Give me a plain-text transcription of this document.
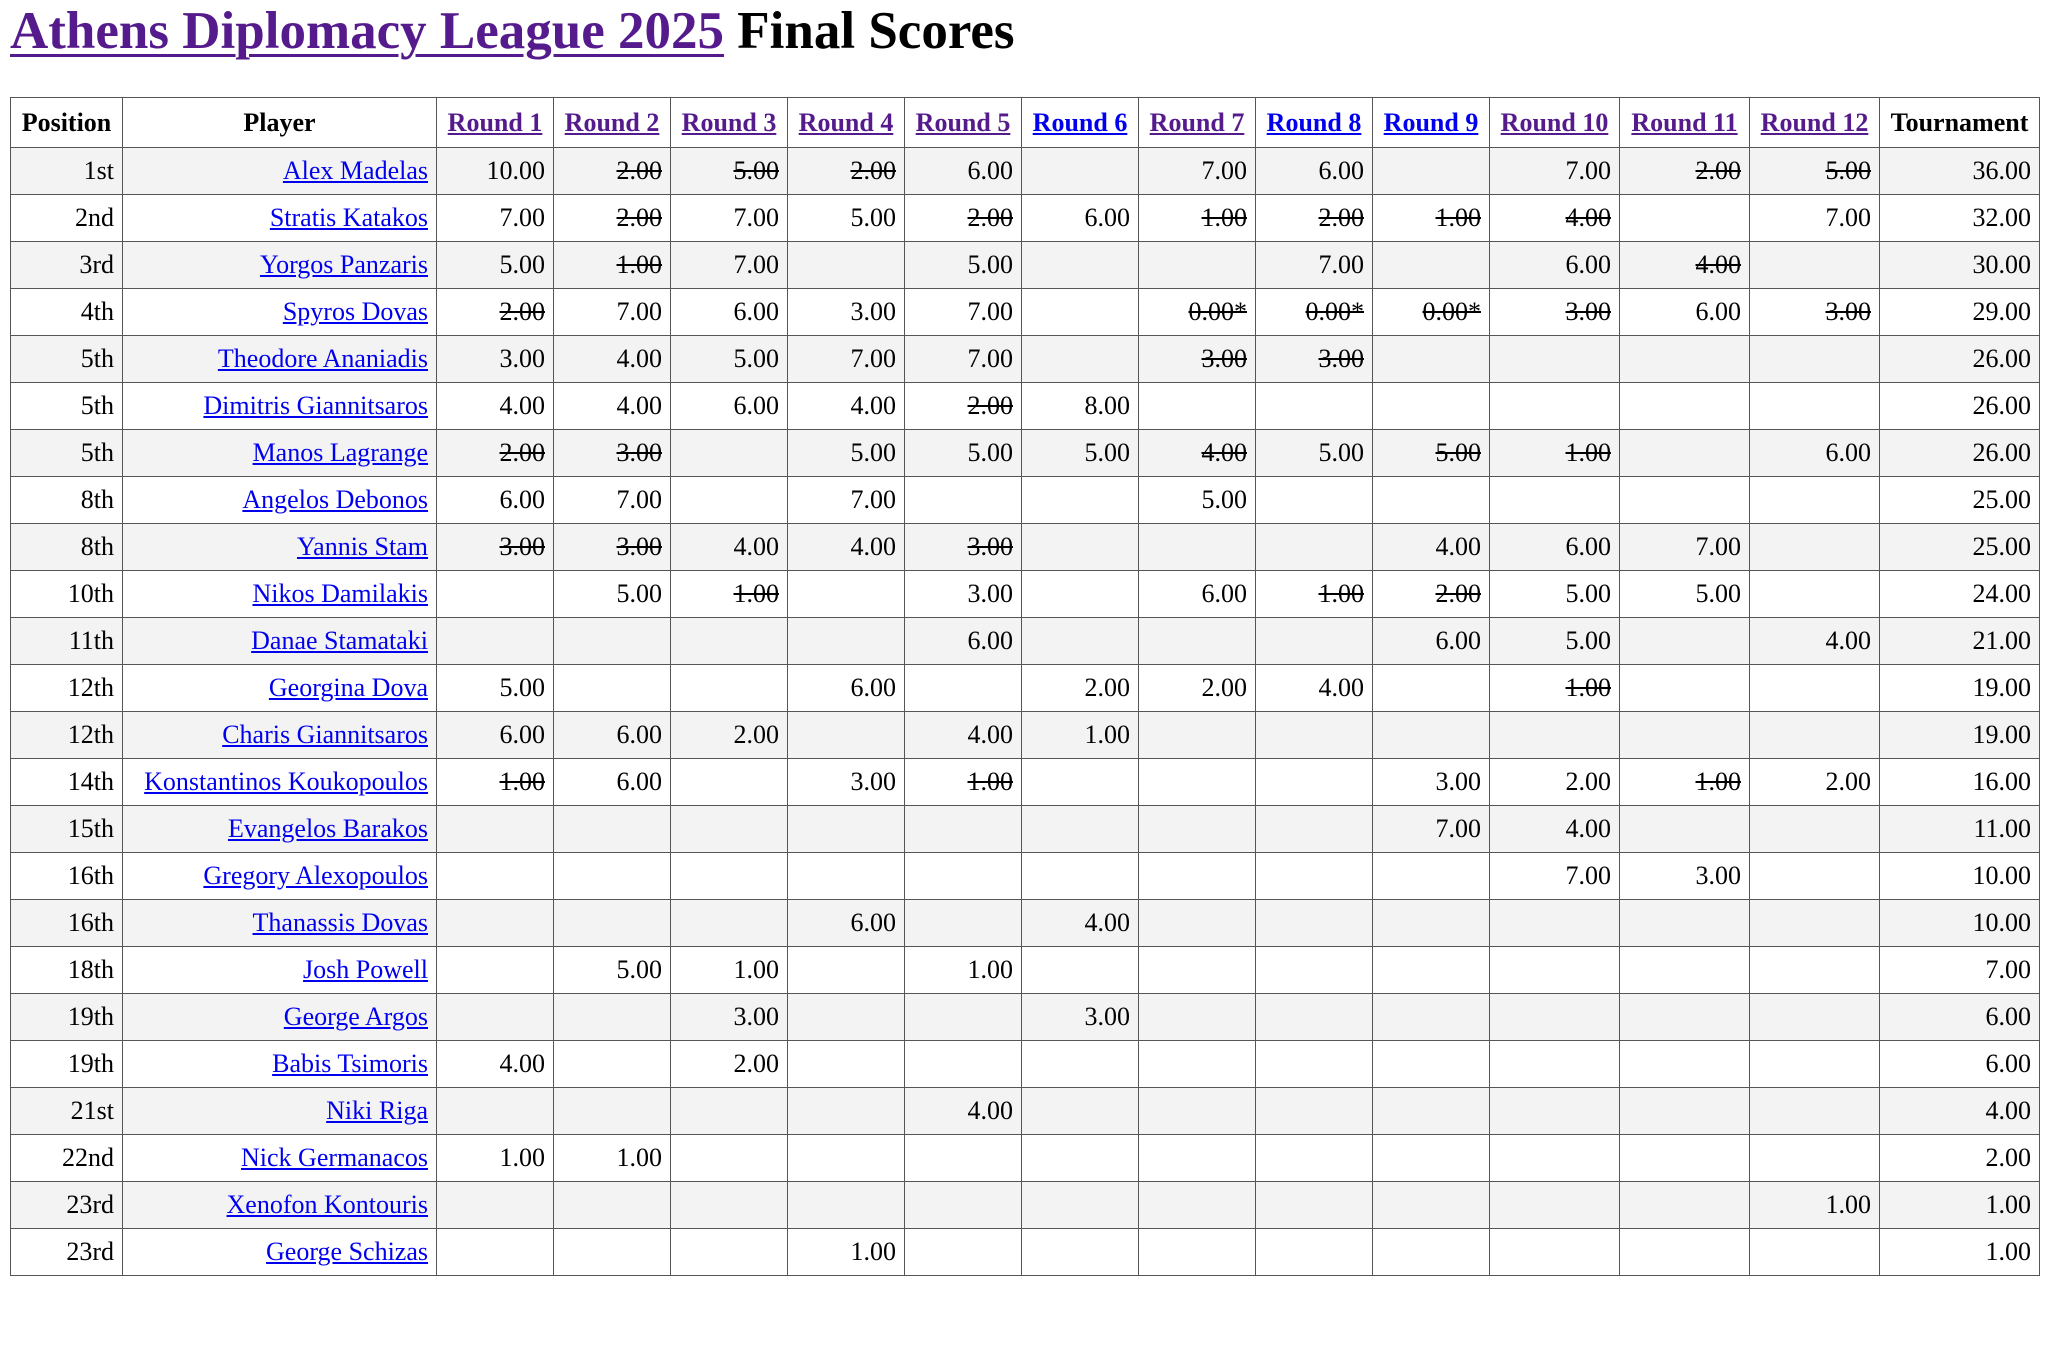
Athens Diplomacy League 2025 Final Scores
Position	Player	Round 1	Round 2	Round 3	Round 4	Round 5	Round 6	Round 7	Round 8	Round 9	Round 10	Round 11	Round 12	Tournament
1st	Alex Madelas	10.00	2.00	5.00	2.00	6.00		7.00	6.00		7.00	2.00	5.00	36.00
2nd	Stratis Katakos	7.00	2.00	7.00	5.00	2.00	6.00	1.00	2.00	1.00	4.00		7.00	32.00
3rd	Yorgos Panzaris	5.00	1.00	7.00		5.00			7.00		6.00	4.00		30.00
4th	Spyros Dovas	2.00	7.00	6.00	3.00	7.00		0.00*	0.00*	0.00*	3.00	6.00	3.00	29.00
5th	Theodore Ananiadis	3.00	4.00	5.00	7.00	7.00		3.00	3.00					26.00
5th	Dimitris Giannitsaros	4.00	4.00	6.00	4.00	2.00	8.00							26.00
5th	Manos Lagrange	2.00	3.00		5.00	5.00	5.00	4.00	5.00	5.00	1.00		6.00	26.00
8th	Angelos Debonos	6.00	7.00		7.00			5.00						25.00
8th	Yannis Stam	3.00	3.00	4.00	4.00	3.00				4.00	6.00	7.00		25.00
10th	Nikos Damilakis		5.00	1.00		3.00		6.00	1.00	2.00	5.00	5.00		24.00
11th	Danae Stamataki					6.00				6.00	5.00		4.00	21.00
12th	Georgina Dova	5.00			6.00		2.00	2.00	4.00		1.00			19.00
12th	Charis Giannitsaros	6.00	6.00	2.00		4.00	1.00							19.00
14th	Konstantinos Koukopoulos	1.00	6.00		3.00	1.00				3.00	2.00	1.00	2.00	16.00
15th	Evangelos Barakos									7.00	4.00			11.00
16th	Gregory Alexopoulos										7.00	3.00		10.00
16th	Thanassis Dovas				6.00		4.00							10.00
18th	Josh Powell		5.00	1.00		1.00								7.00
19th	George Argos			3.00			3.00							6.00
19th	Babis Tsimoris	4.00		2.00										6.00
21st	Niki Riga					4.00								4.00
22nd	Nick Germanacos	1.00	1.00											2.00
23rd	Xenofon Kontouris												1.00	1.00
23rd	George Schizas				1.00									1.00
